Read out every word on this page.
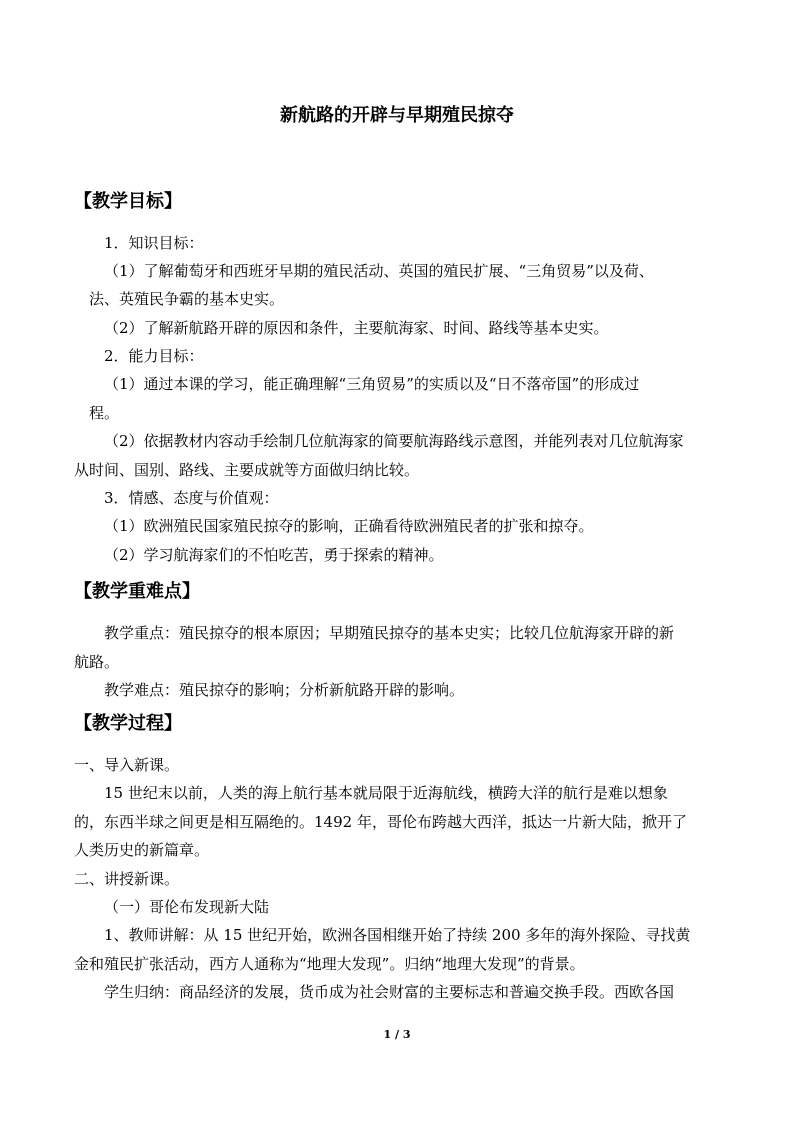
新航路的开辟与早期殖民掠夺
【教学目标】
1．知识目标：
（1）了解葡萄牙和西班牙早期的殖民活动、英国的殖民扩展、“三角贸易”以及荷、
法、英殖民争霸的基本史实。
（2）了解新航路开辟的原因和条件，主要航海家、时间、路线等基本史实。
2．能力目标：
（1）通过本课的学习，能正确理解“三角贸易”的实质以及“日不落帝国”的形成过
程。
（2）依据教材内容动手绘制几位航海家的简要航海路线示意图，并能列表对几位航海家
从时间、国别、路线、主要成就等方面做归纳比较。
3．情感、态度与价值观：
（1）欧洲殖民国家殖民掠夺的影响，正确看待欧洲殖民者的扩张和掠夺。
（2）学习航海家们的不怕吃苦，勇于探索的精神。
【教学重难点】
教学重点：殖民掠夺的根本原因；早期殖民掠夺的基本史实；比较几位航海家开辟的新
航路。
教学难点：殖民掠夺的影响；分析新航路开辟的影响。
【教学过程】
一、导入新课。
15 世纪末以前，人类的海上航行基本就局限于近海航线，横跨大洋的航行是难以想象
的，东西半球之间更是相互隔绝的。1492 年，哥伦布跨越大西洋，抵达一片新大陆，掀开了
人类历史的新篇章。
二、讲授新课。
（一）哥伦布发现新大陆
1、教师讲解：从 15 世纪开始，欧洲各国相继开始了持续 200 多年的海外探险、寻找黄
金和殖民扩张活动，西方人通称为“地理大发现”。归纳“地理大发现”的背景。
学生归纳：商品经济的发展，货币成为社会财富的主要标志和普遍交换手段。西欧各国
1 / 3
